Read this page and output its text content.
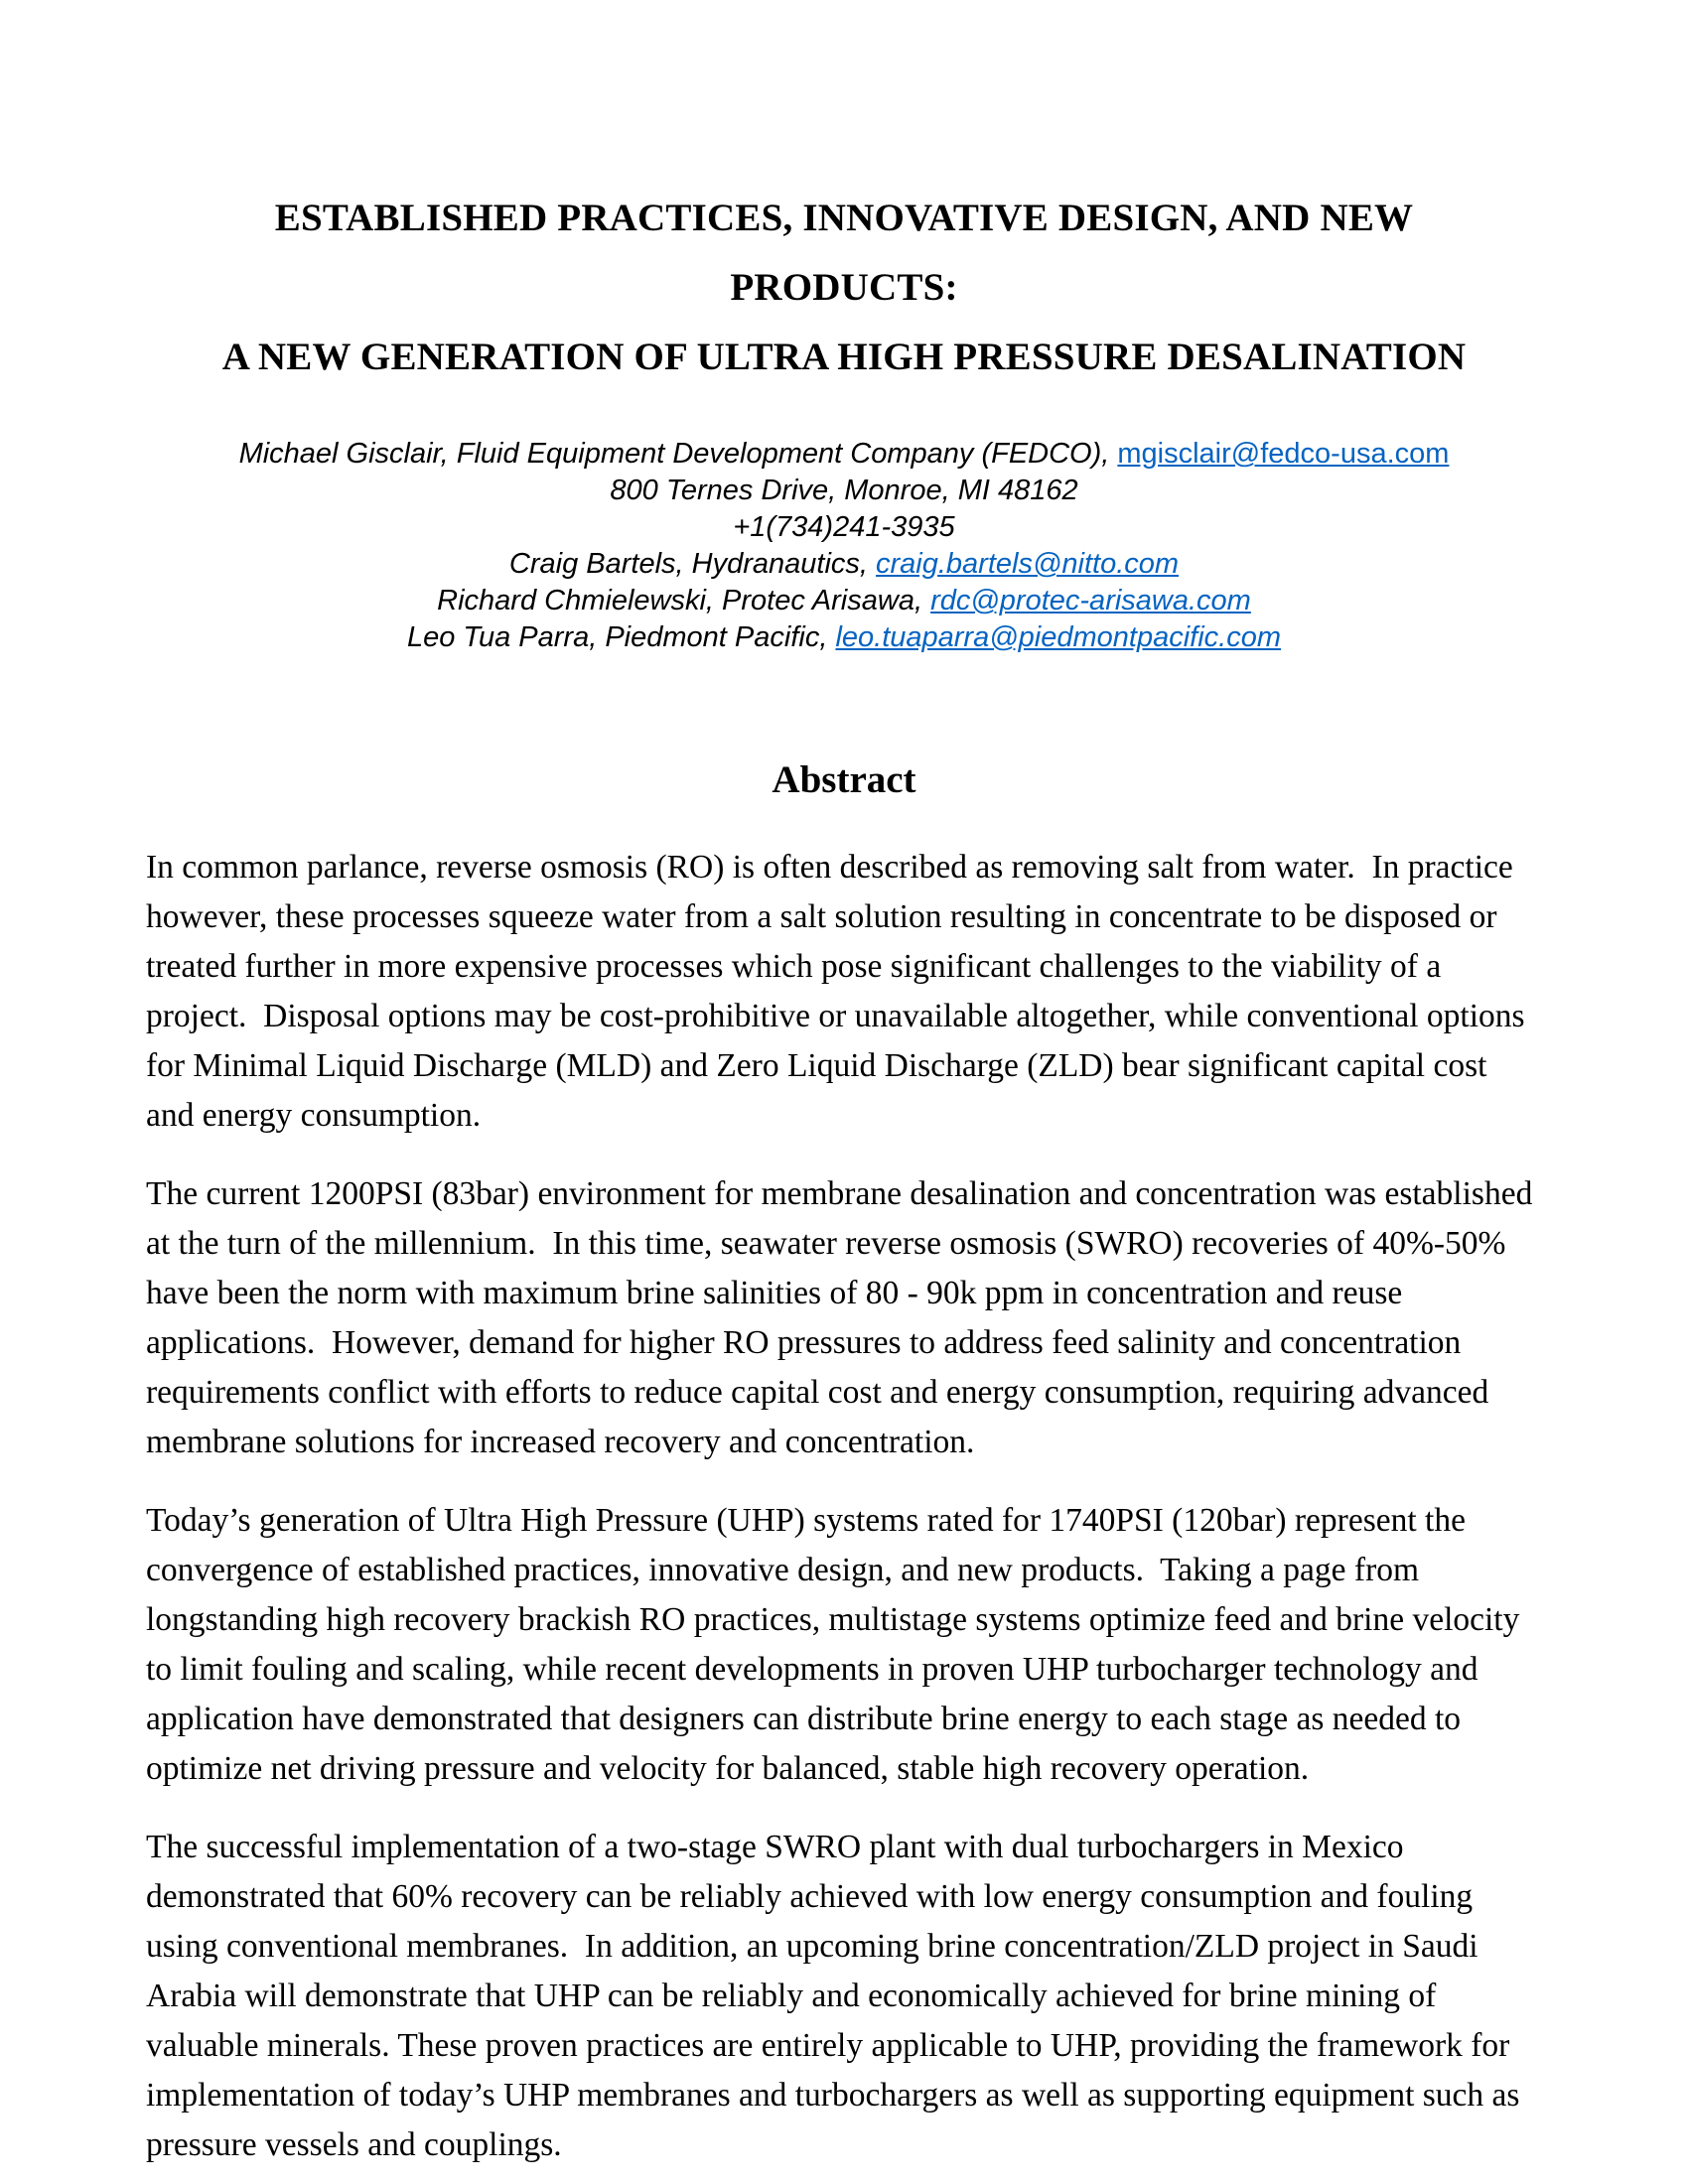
ESTABLISHED PRACTICES, INNOVATIVE DESIGN, AND NEW
PRODUCTS:
A NEW GENERATION OF ULTRA HIGH PRESSURE DESALINATION
Michael Gisclair, Fluid Equipment Development Company (FEDCO), mgisclair@fedco-usa.com
800 Ternes Drive, Monroe, MI 48162
+1(734)241-3935
Craig Bartels, Hydranautics, craig.bartels@nitto.com
Richard Chmielewski, Protec Arisawa, rdc@protec-arisawa.com
Leo Tua Parra, Piedmont Pacific, leo.tuaparra@piedmontpacific.com
Abstract

In common parlance, reverse osmosis (RO) is often described as removing salt from water.  In practice however, these processes squeeze water from a salt solution resulting in concentrate to be disposed or treated further in more expensive processes which pose significant challenges to the viability of a project.  Disposal options may be cost-prohibitive or unavailable altogether, while conventional options for Minimal Liquid Discharge (MLD) and Zero Liquid Discharge (ZLD) bear significant capital cost and energy consumption.

The current 1200PSI (83bar) environment for membrane desalination and concentration was established at the turn of the millennium.  In this time, seawater reverse osmosis (SWRO) recoveries of 40%-50% have been the norm with maximum brine salinities of 80 - 90k ppm in concentration and reuse applications.  However, demand for higher RO pressures to address feed salinity and concentration requirements conflict with efforts to reduce capital cost and energy consumption, requiring advanced membrane solutions for increased recovery and concentration.

Today’s generation of Ultra High Pressure (UHP) systems rated for 1740PSI (120bar) represent the convergence of established practices, innovative design, and new products.  Taking a page from longstanding high recovery brackish RO practices, multistage systems optimize feed and brine velocity to limit fouling and scaling, while recent developments in proven UHP turbocharger technology and application have demonstrated that designers can distribute brine energy to each stage as needed to optimize net driving pressure and velocity for balanced, stable high recovery operation.

The successful implementation of a two-stage SWRO plant with dual turbochargers in Mexico demonstrated that 60% recovery can be reliably achieved with low energy consumption and fouling using conventional membranes.  In addition, an upcoming brine concentration/ZLD project in Saudi Arabia will demonstrate that UHP can be reliably and economically achieved for brine mining of valuable minerals. These proven practices are entirely applicable to UHP, providing the framework for implementation of today’s UHP membranes and turbochargers as well as supporting equipment such as pressure vessels and couplings.
